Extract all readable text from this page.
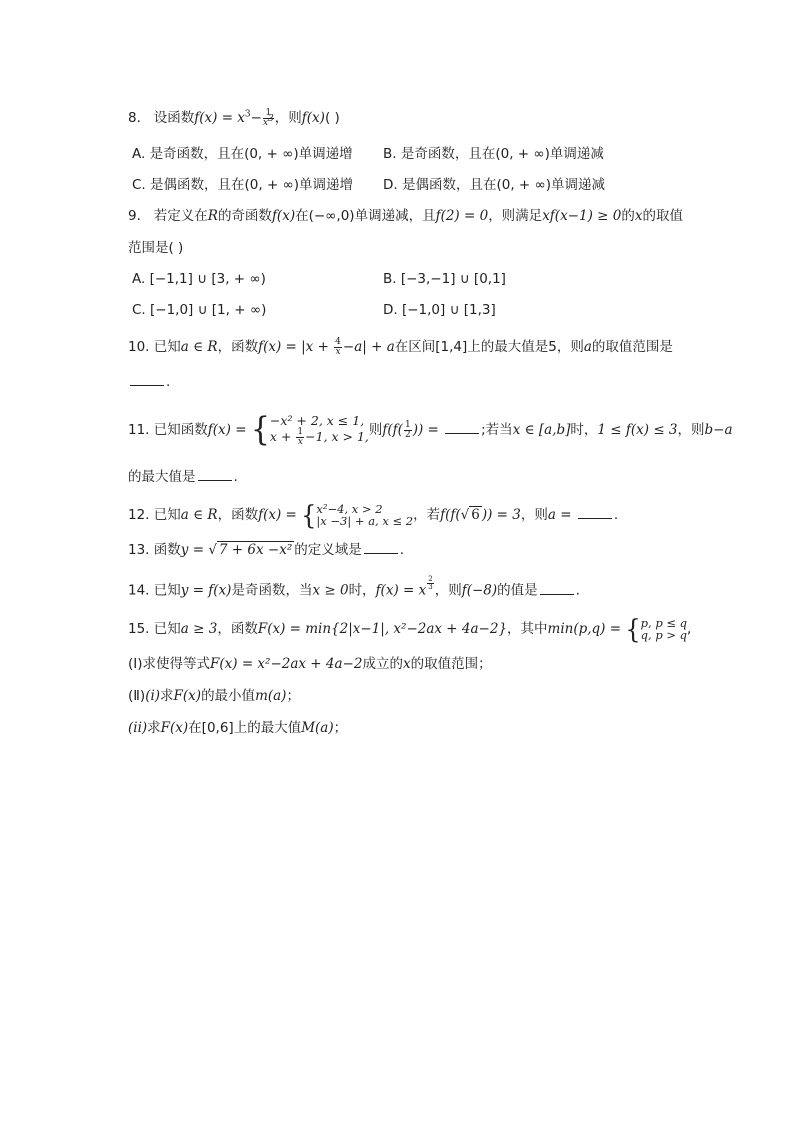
8. 设函数$f(x) = x^3- \frac{1}{x^3}$ ，则f(x)( )
A. 是奇函数，且在(0, + ∞)单调递增 B. 是奇函数，且在(0, + ∞)单调递减
C. 是偶函数，且在(0, + ∞)单调递增 D. 是偶函数，且在(0, + ∞)单调递减
9. 若定义在R的奇函数f(x)在(−∞,0)单调递减，且f(2) = 0，则满足xf(x−1) ≥ 0的x的取值
范围是( )
A. [−1,1] ∪ [3, + ∞)	B. [−3,−1] ∪ [0,1]
C. [−1,0] ∪ [1, + ∞)	D. [−1,0] ∪ [1,3]
10. 已知a ∈ R，函数$f(x) = |x + \frac{4}{x} -a| + a$在区间[1,4]上的最大值是5，则a的取值范围是
.
11. 已知函数f(x) = { −x² + 2, x ≤ 1,
$x + \frac{1}{x} -1$, x > 1, 则$f(f( \frac{1}{2}$ )) =	;若当x ∈ [a,b]时，1 ≤ f(x) ≤ 3，则b−a
的最大值是	.
12. 已知a ∈ R，函数f(x) = { x²−4, x > 2
|x −3| + a, x ≤ 2 ，若f(f(√ 6 )) = 3，则a =	.
13. 函数y = √ 7 + 6x −x² 的定义域是	.
14. 已知y = f(x)是奇函数，当x ≥ 0时，f(x) = x $\frac{2}{3}$ ，则f(−8)的值是	.
15. 已知a ≥ 3，函数F(x) = min{2|x−1|, x²−2ax + 4a−2}，其中min(p,q) = { p, p ≤ q
q, p > q ,
(Ⅰ)求使得等式F(x) = x²−2ax + 4a−2成立的x的取值范围；
(Ⅱ)(i)求F(x)的最小值m(a)；
(ii)求F(x)在[0,6]上的最大值M(a)；
